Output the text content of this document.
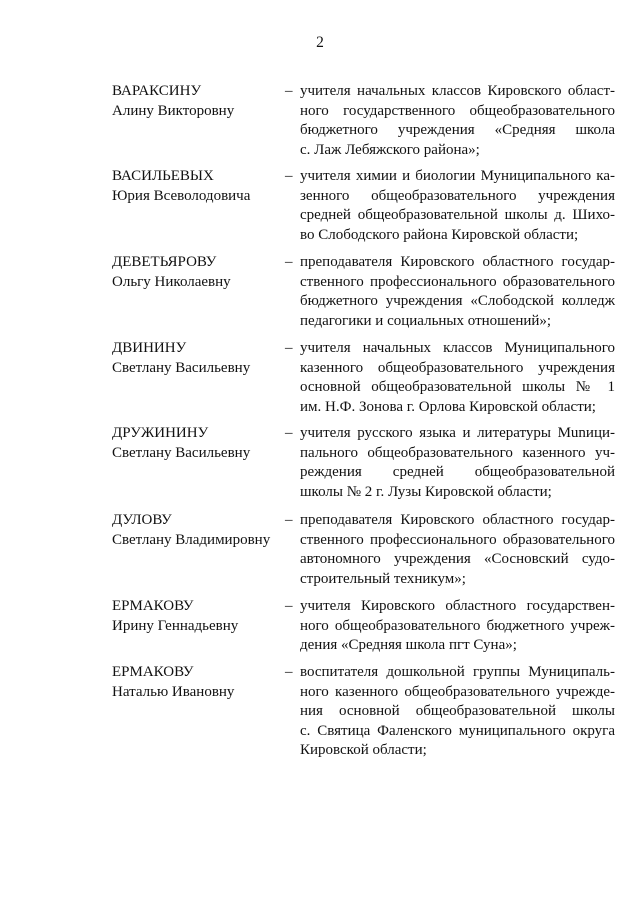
2
ВАРАКСИНУ
Алину Викторовну
– учителя начальных классов Кировского област-
ного государственного общеобразовательного
бюджетного учреждения «Средняя школа
с. Лаж Лебяжского района»;
ВАСИЛЬЕВЫХ
Юрия Всеволодовича
– учителя химии и биологии Муниципального ка-
зенного общеобразовательного учреждения
средней общеобразовательной школы д. Шихо-
во Слободского района Кировской области;
ДЕВЕТЬЯРОВУ
Ольгу Николаевну
– преподавателя Кировского областного государ-
ственного профессионального образовательного
бюджетного учреждения «Слободской колледж
педагогики и социальных отношений»;
ДВИНИНУ
Светлану Васильевну
– учителя начальных классов Муниципального
казенного общеобразовательного учреждения
основной общеобразовательной школы № 1
им. Н.Ф. Зонова г. Орлова Кировской области;
ДРУЖИНИНУ
Светлану Васильевну
– учителя русского языка и литературы Munици-
пального общеобразовательного казенного уч-
реждения средней общеобразовательной
школы № 2 г. Лузы Кировской области;
ДУЛОВУ
Светлану Владимировну
– преподавателя Кировского областного государ-
ственного профессионального образовательного
автономного учреждения «Сосновский судо-
строительный техникум»;
ЕРМАКОВУ
Ирину Геннадьевну
– учителя Кировского областного государствен-
ного общеобразовательного бюджетного учреж-
дения «Средняя школа пгт Суна»;
ЕРМАКОВУ
Наталью Ивановну
– воспитателя дошкольной группы Муниципаль-
ного казенного общеобразовательного учрежде-
ния основной общеобразовательной школы
с. Святица Фаленского муниципального округа
Кировской области;
